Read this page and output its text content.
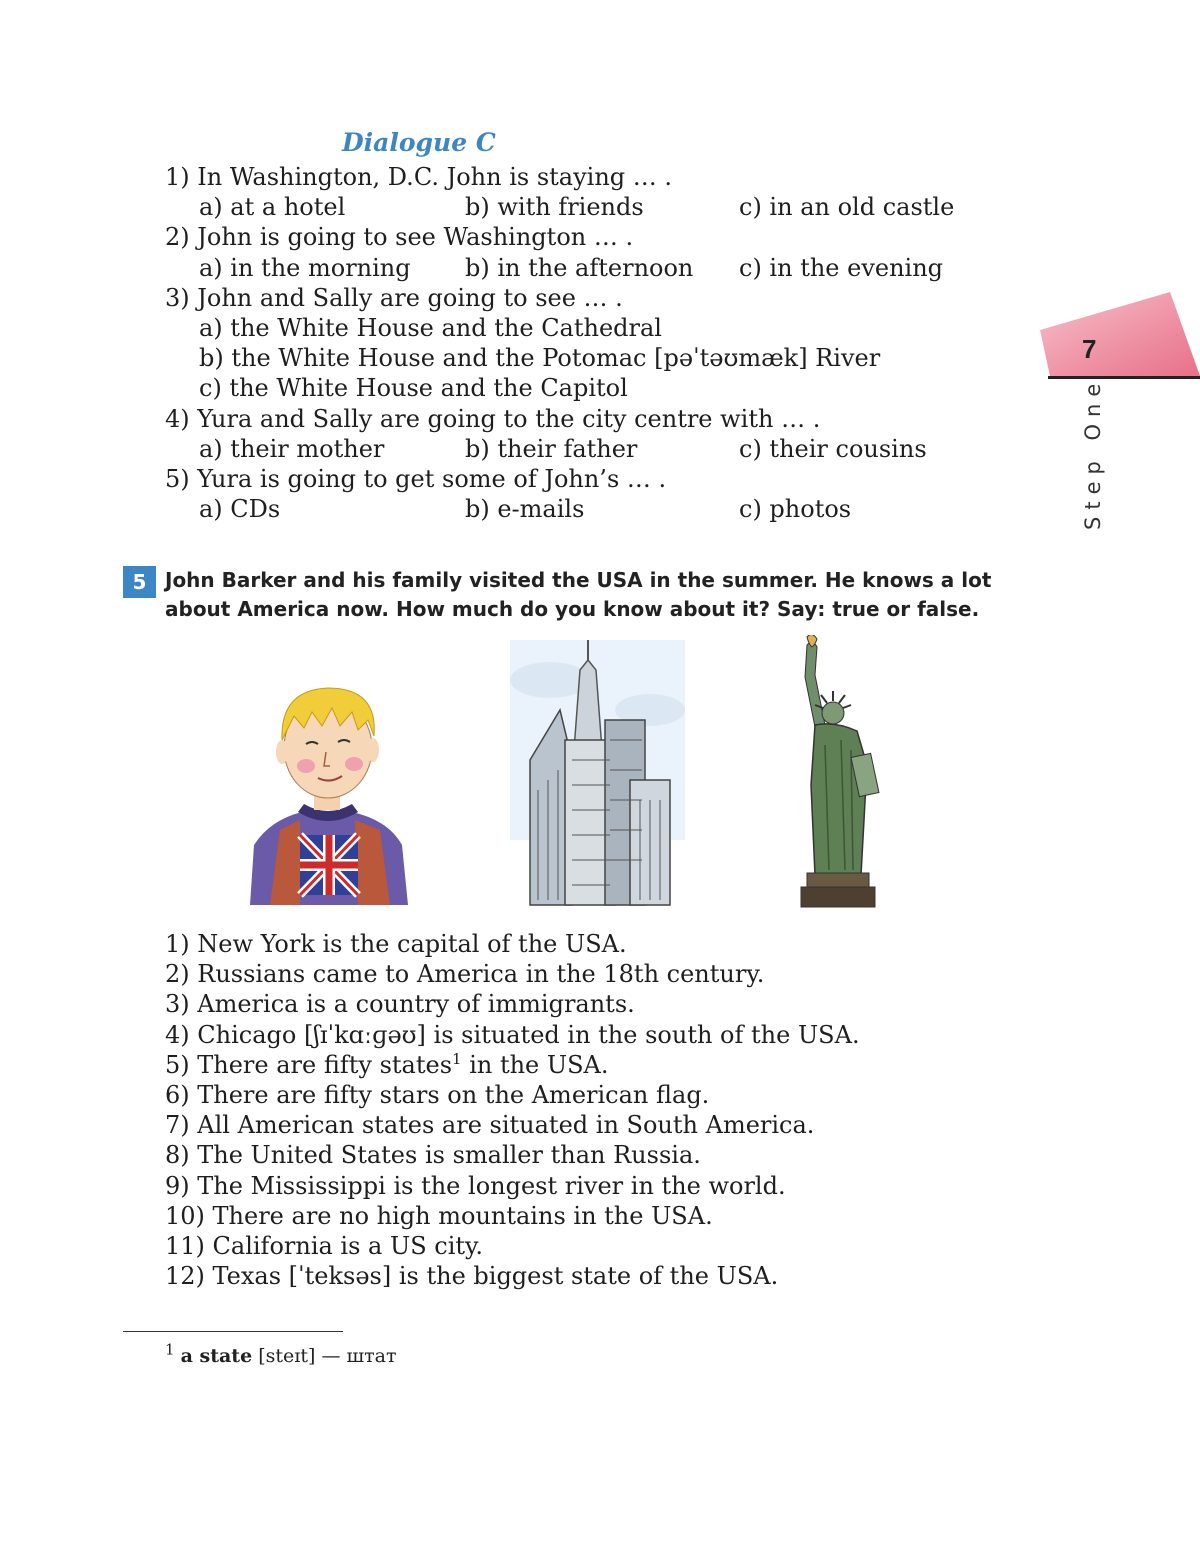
Dialogue C
1) In Washington, D.C. John is staying … .
a) at a hotel	b) with friends	c) in an old castle
2) John is going to see Washington … .
a) in the morning b) in the afternoon c) in the evening
3) John and Sally are going to see … .
a) the White House and the Cathedral
b) the White House and the Potomac [pəˈtəʊmæk] River
c) the White House and the Capitol
4) Yura and Sally are going to the city centre with … .
a) their mother	b) their father	c) their cousins
5) Yura is going to get some of John’s … .
a) CDs	b) e-mails	c) photos
7
Step One
5 John Barker and his family visited the USA in the summer. He knows a lot about America now. How much do you know about it? Say: true or false.
1) New York is the capital of the USA.
2) Russians came to America in the 18th century.
3) America is a country of immigrants.
4) Chicago [ʃɪˈkɑːɡəʊ] is situated in the south of the USA.
5) There are fifty states$^1$ in the USA.
6) There are fifty stars on the American flag.
7) All American states are situated in South America.
8) The United States is smaller than Russia.
9) The Mississippi is the longest river in the world.
10) There are no high mountains in the USA.
11) California is a US city.
12) Texas [ˈteksəs] is the biggest state of the USA.
$^1$ a state [steɪt] — штат
